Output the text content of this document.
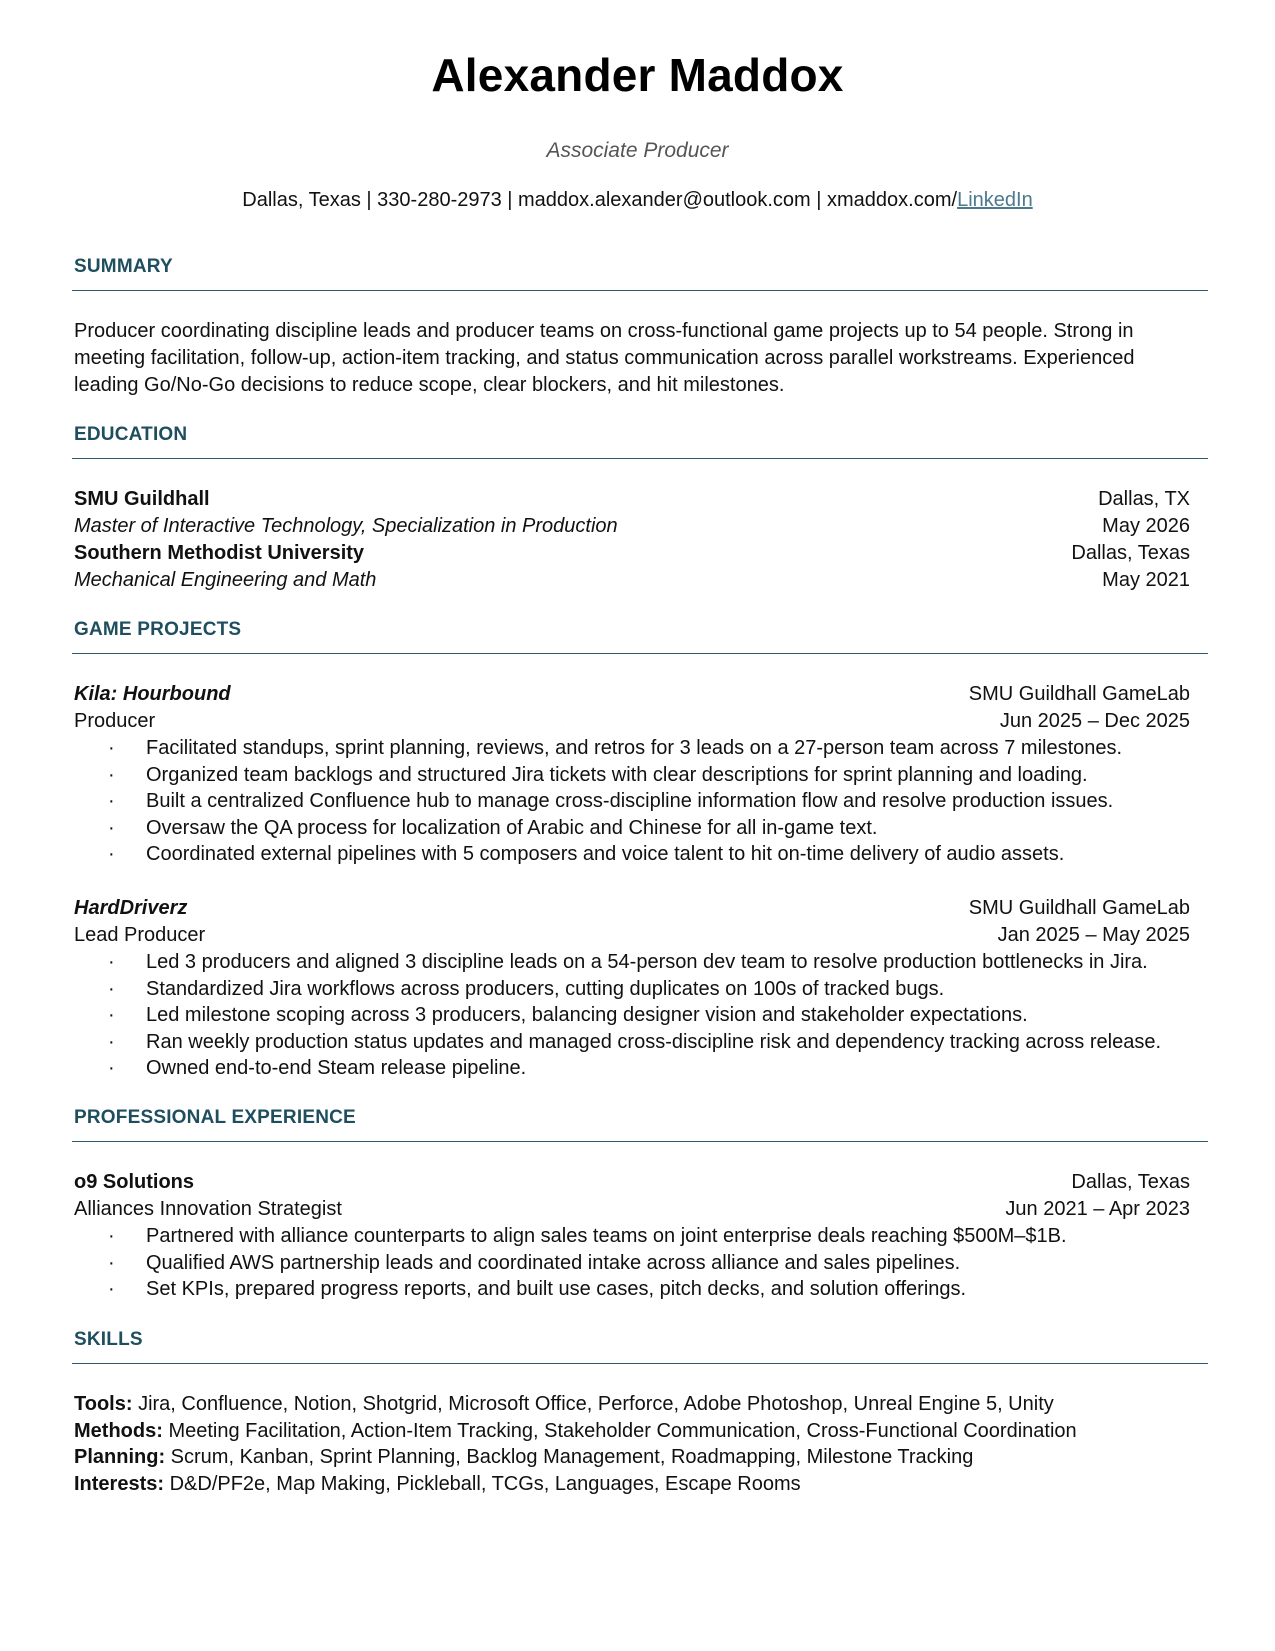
Alexander Maddox
Associate Producer
Dallas, Texas | 330-280-2973 | maddox.alexander@outlook.com | xmaddox.com/LinkedIn
SUMMARY
Producer coordinating discipline leads and producer teams on cross-functional game projects up to 54 people. Strong in meeting facilitation, follow-up, action-item tracking, and status communication across parallel workstreams. Experienced leading Go/No-Go decisions to reduce scope, clear blockers, and hit milestones.
EDUCATION
SMU Guildhall	Dallas, TX
Master of Interactive Technology, Specialization in Production	May 2026
Southern Methodist University	Dallas, Texas
Mechanical Engineering and Math	May 2021
GAME PROJECTS
Kila: Hourbound	SMU Guildhall GameLab
Producer	Jun 2025 – Dec 2025
· Facilitated standups, sprint planning, reviews, and retros for 3 leads on a 27-person team across 7 milestones.
· Organized team backlogs and structured Jira tickets with clear descriptions for sprint planning and loading.
· Built a centralized Confluence hub to manage cross-discipline information flow and resolve production issues.
· Oversaw the QA process for localization of Arabic and Chinese for all in-game text.
· Coordinated external pipelines with 5 composers and voice talent to hit on-time delivery of audio assets.
HardDriverz	SMU Guildhall GameLab
Lead Producer	Jan 2025 – May 2025
· Led 3 producers and aligned 3 discipline leads on a 54-person dev team to resolve production bottlenecks in Jira.
· Standardized Jira workflows across producers, cutting duplicates on 100s of tracked bugs.
· Led milestone scoping across 3 producers, balancing designer vision and stakeholder expectations.
· Ran weekly production status updates and managed cross-discipline risk and dependency tracking across release.
· Owned end-to-end Steam release pipeline.
PROFESSIONAL EXPERIENCE
o9 Solutions	Dallas, Texas
Alliances Innovation Strategist	Jun 2021 – Apr 2023
· Partnered with alliance counterparts to align sales teams on joint enterprise deals reaching $500M–$1B.
· Qualified AWS partnership leads and coordinated intake across alliance and sales pipelines.
· Set KPIs, prepared progress reports, and built use cases, pitch decks, and solution offerings.
SKILLS
Tools: Jira, Confluence, Notion, Shotgrid, Microsoft Office, Perforce, Adobe Photoshop, Unreal Engine 5, Unity
Methods: Meeting Facilitation, Action-Item Tracking, Stakeholder Communication, Cross-Functional Coordination
Planning: Scrum, Kanban, Sprint Planning, Backlog Management, Roadmapping, Milestone Tracking
Interests: D&D/PF2e, Map Making, Pickleball, TCGs, Languages, Escape Rooms
